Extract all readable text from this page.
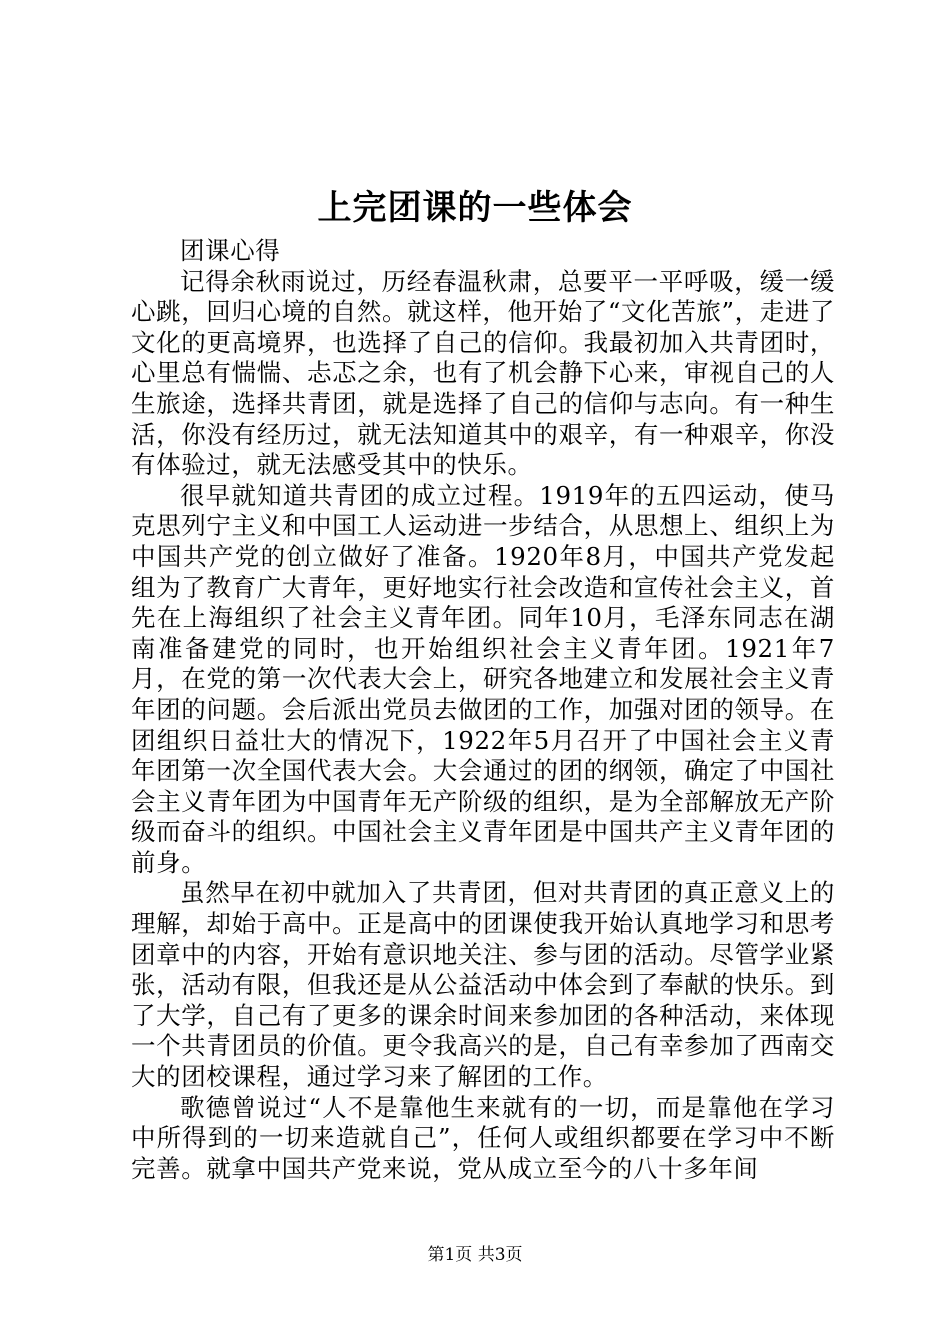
上完团课的一些体会

团课心得

记得余秋雨说过，历经春温秋肃，总要平一平呼吸，缓一缓心跳，回归心境的自然。就这样，他开始了“文化苦旅”，走进了文化的更高境界，也选择了自己的信仰。我最初加入共青团时，心里总有惴惴、忐忑之余，也有了机会静下心来，审视自己的人生旅途，选择共青团，就是选择了自己的信仰与志向。有一种生活，你没有经历过，就无法知道其中的艰辛，有一种艰辛，你没有体验过，就无法感受其中的快乐。

很早就知道共青团的成立过程。1919年的五四运动，使马克思列宁主义和中国工人运动进一步结合，从思想上、组织上为中国共产党的创立做好了准备。1920年8月，中国共产党发起组为了教育广大青年，更好地实行社会改造和宣传社会主义，首先在上海组织了社会主义青年团。同年10月，毛泽东同志在湖南准备建党的同时，也开始组织社会主义青年团。1921年7月，在党的第一次代表大会上，研究各地建立和发展社会主义青年团的问题。会后派出党员去做团的工作，加强对团的领导。在团组织日益壮大的情况下，1922年5月召开了中国社会主义青年团第一次全国代表大会。大会通过的团的纲领，确定了中国社会主义青年团为中国青年无产阶级的组织，是为全部解放无产阶级而奋斗的组织。中国社会主义青年团是中国共产主义青年团的前身。

虽然早在初中就加入了共青团，但对共青团的真正意义上的理解，却始于高中。正是高中的团课使我开始认真地学习和思考团章中的内容，开始有意识地关注、参与团的活动。尽管学业紧张，活动有限，但我还是从公益活动中体会到了奉献的快乐。到了大学，自己有了更多的课余时间来参加团的各种活动，来体现一个共青团员的价值。更令我高兴的是，自己有幸参加了西南交大的团校课程，通过学习来了解团的工作。

歌德曾说过“人不是靠他生来就有的一切，而是靠他在学习中所得到的一切来造就自己”，任何人或组织都要在学习中不断完善。就拿中国共产党来说，党从成立至今的八十多年间

第1页 共3页
